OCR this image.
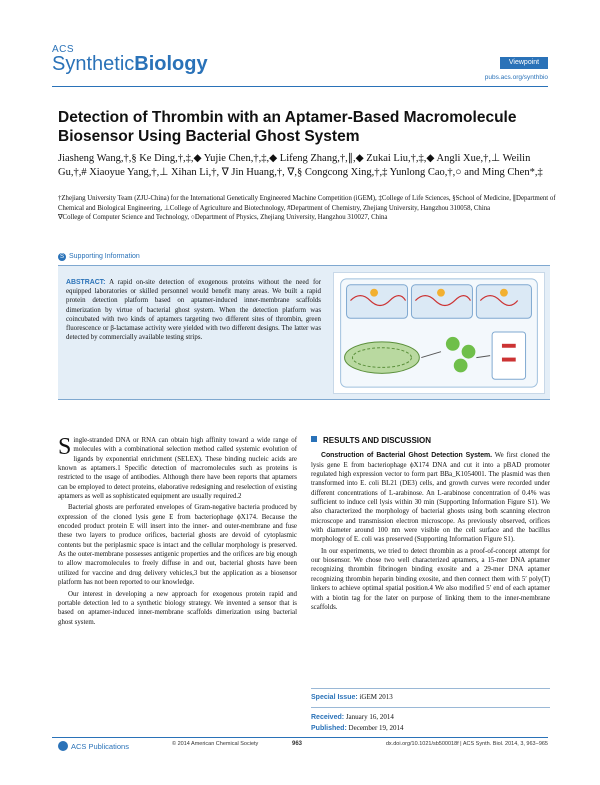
ACS
SyntheticBiology	Viewpoint
pubs.acs.org/synthbio
Detection of Thrombin with an Aptamer-Based Macromolecule Biosensor Using Bacterial Ghost System
Jiasheng Wang,†,§ Ke Ding,†,‡,◆ Yujie Chen,†,‡,◆ Lifeng Zhang,†,∥,◆ Zukai Liu,†,‡,◆ Angli Xue,†,⊥ Weilin Gu,†,# Xiaoyue Yang,†,⊥ Xihan Li,†, ∇ Jin Huang,†, ∇,§ Congcong Xing,†,‡ Yunlong Cao,†,○ and Ming Chen*,‡
†Zhejiang University Team (ZJU-China) for the International Genetically Engineered Machine Competition (iGEM), ‡College of Life Sciences, §School of Medicine, ∥Department of Chemical and Biological Engineering, ⊥College of Agriculture and Biotechnology, #Department of Chemistry, Zhejiang University, Hangzhou 310058, China
∇College of Computer Science and Technology, ○Department of Physics, Zhejiang University, Hangzhou 310027, China
S Supporting Information
ABSTRACT: A rapid on-site detection of exogenous proteins without the need for equipped laboratories or skilled personnel would benefit many areas. We built a rapid protein detection platform based on aptamer-induced inner-membrane scaffolds dimerization by virtue of bacterial ghost system. When the detection platform was coincubated with two kinds of aptamers targeting two different sites of thrombin, green fluorescence or β-lactamase activity were yielded with two different designs. The latter was detected by commercially available testing strips.

Single-stranded DNA or RNA can obtain high affinity toward a wide range of molecules with a combinational selection method called systemic evolution of ligands by exponential enrichment (SELEX). These binding nucleic acids are known as aptamers.1 Specific detection of macromolecules such as proteins is restricted to the usage of antibodies. Although there have been reports that aptamers can be employed to detect proteins, elaborative redesigning and reselection of existing aptamers as well as sophisticated equipment are usually required.2

Bacterial ghosts are perforated envelopes of Gram-negative bacteria produced by expression of the cloned lysis gene E from bacteriophage ϕX174. Because the encoded product protein E will insert into the inner- and outer-membrane and fuse these two layers to produce orifices, bacterial ghosts are devoid of cytoplasmic contents but the periplasmic space is intact and the cellular morphology is preserved. As the outer-membrane possesses antigenic properties and the orifices are big enough to allow macromolecules to freely diffuse in and out, bacterial ghosts have been utilized for vaccine and drug delivery vehicles,3 but the application as a biosensor platform has not been reported to our knowledge.

Our interest in developing a new approach for exogenous protein rapid and portable detection led to a synthetic biology strategy. We invented a sensor that is based on aptamer-induced inner-membrane scaffolds dimerization using bacterial ghost system.

RESULTS AND DISCUSSION

Construction of Bacterial Ghost Detection System. We first cloned the lysis gene E from bacteriophage ϕX174 DNA and cut it into a pBAD promoter regulated high expression vector to form part BBa_K1054001. The plasmid was then transformed into E. coli BL21 (DE3) cells, and growth curves were recorded under different concentrations of L-arabinose. An L-arabinose concentration of 0.4% was sufficient to induce cell lysis within 30 min (Supporting Information Figure S1). We also characterized the morphology of bacterial ghosts using both scanning electron microscope and transmission electron microscope. As previously observed, orifices with diameter around 100 nm were visible on the cell surface and the bacillus morphology of E. coli was preserved (Supporting Information Figure S1).

In our experiments, we tried to detect thrombin as a proof-of-concept attempt for our biosensor. We chose two well characterized aptamers, a 15-mer DNA aptamer recognizing thrombin fibrinogen binding exosite and a 29-mer DNA aptamer recognizing thrombin heparin binding exosite, and then connect them with 5′ poly(T) linkers to achieve optimal spatial position.4 We also modified 5′ end of each aptamer with a biotin tag for the later on purpose of linking them to the inner-membrane scaffolds.

Special Issue: iGEM 2013
Received: January 16, 2014
Published: December 19, 2014
ACS Publications	© 2014 American Chemical Society	963	dx.doi.org/10.1021/sb500018f | ACS Synth. Biol. 2014, 3, 963−965
